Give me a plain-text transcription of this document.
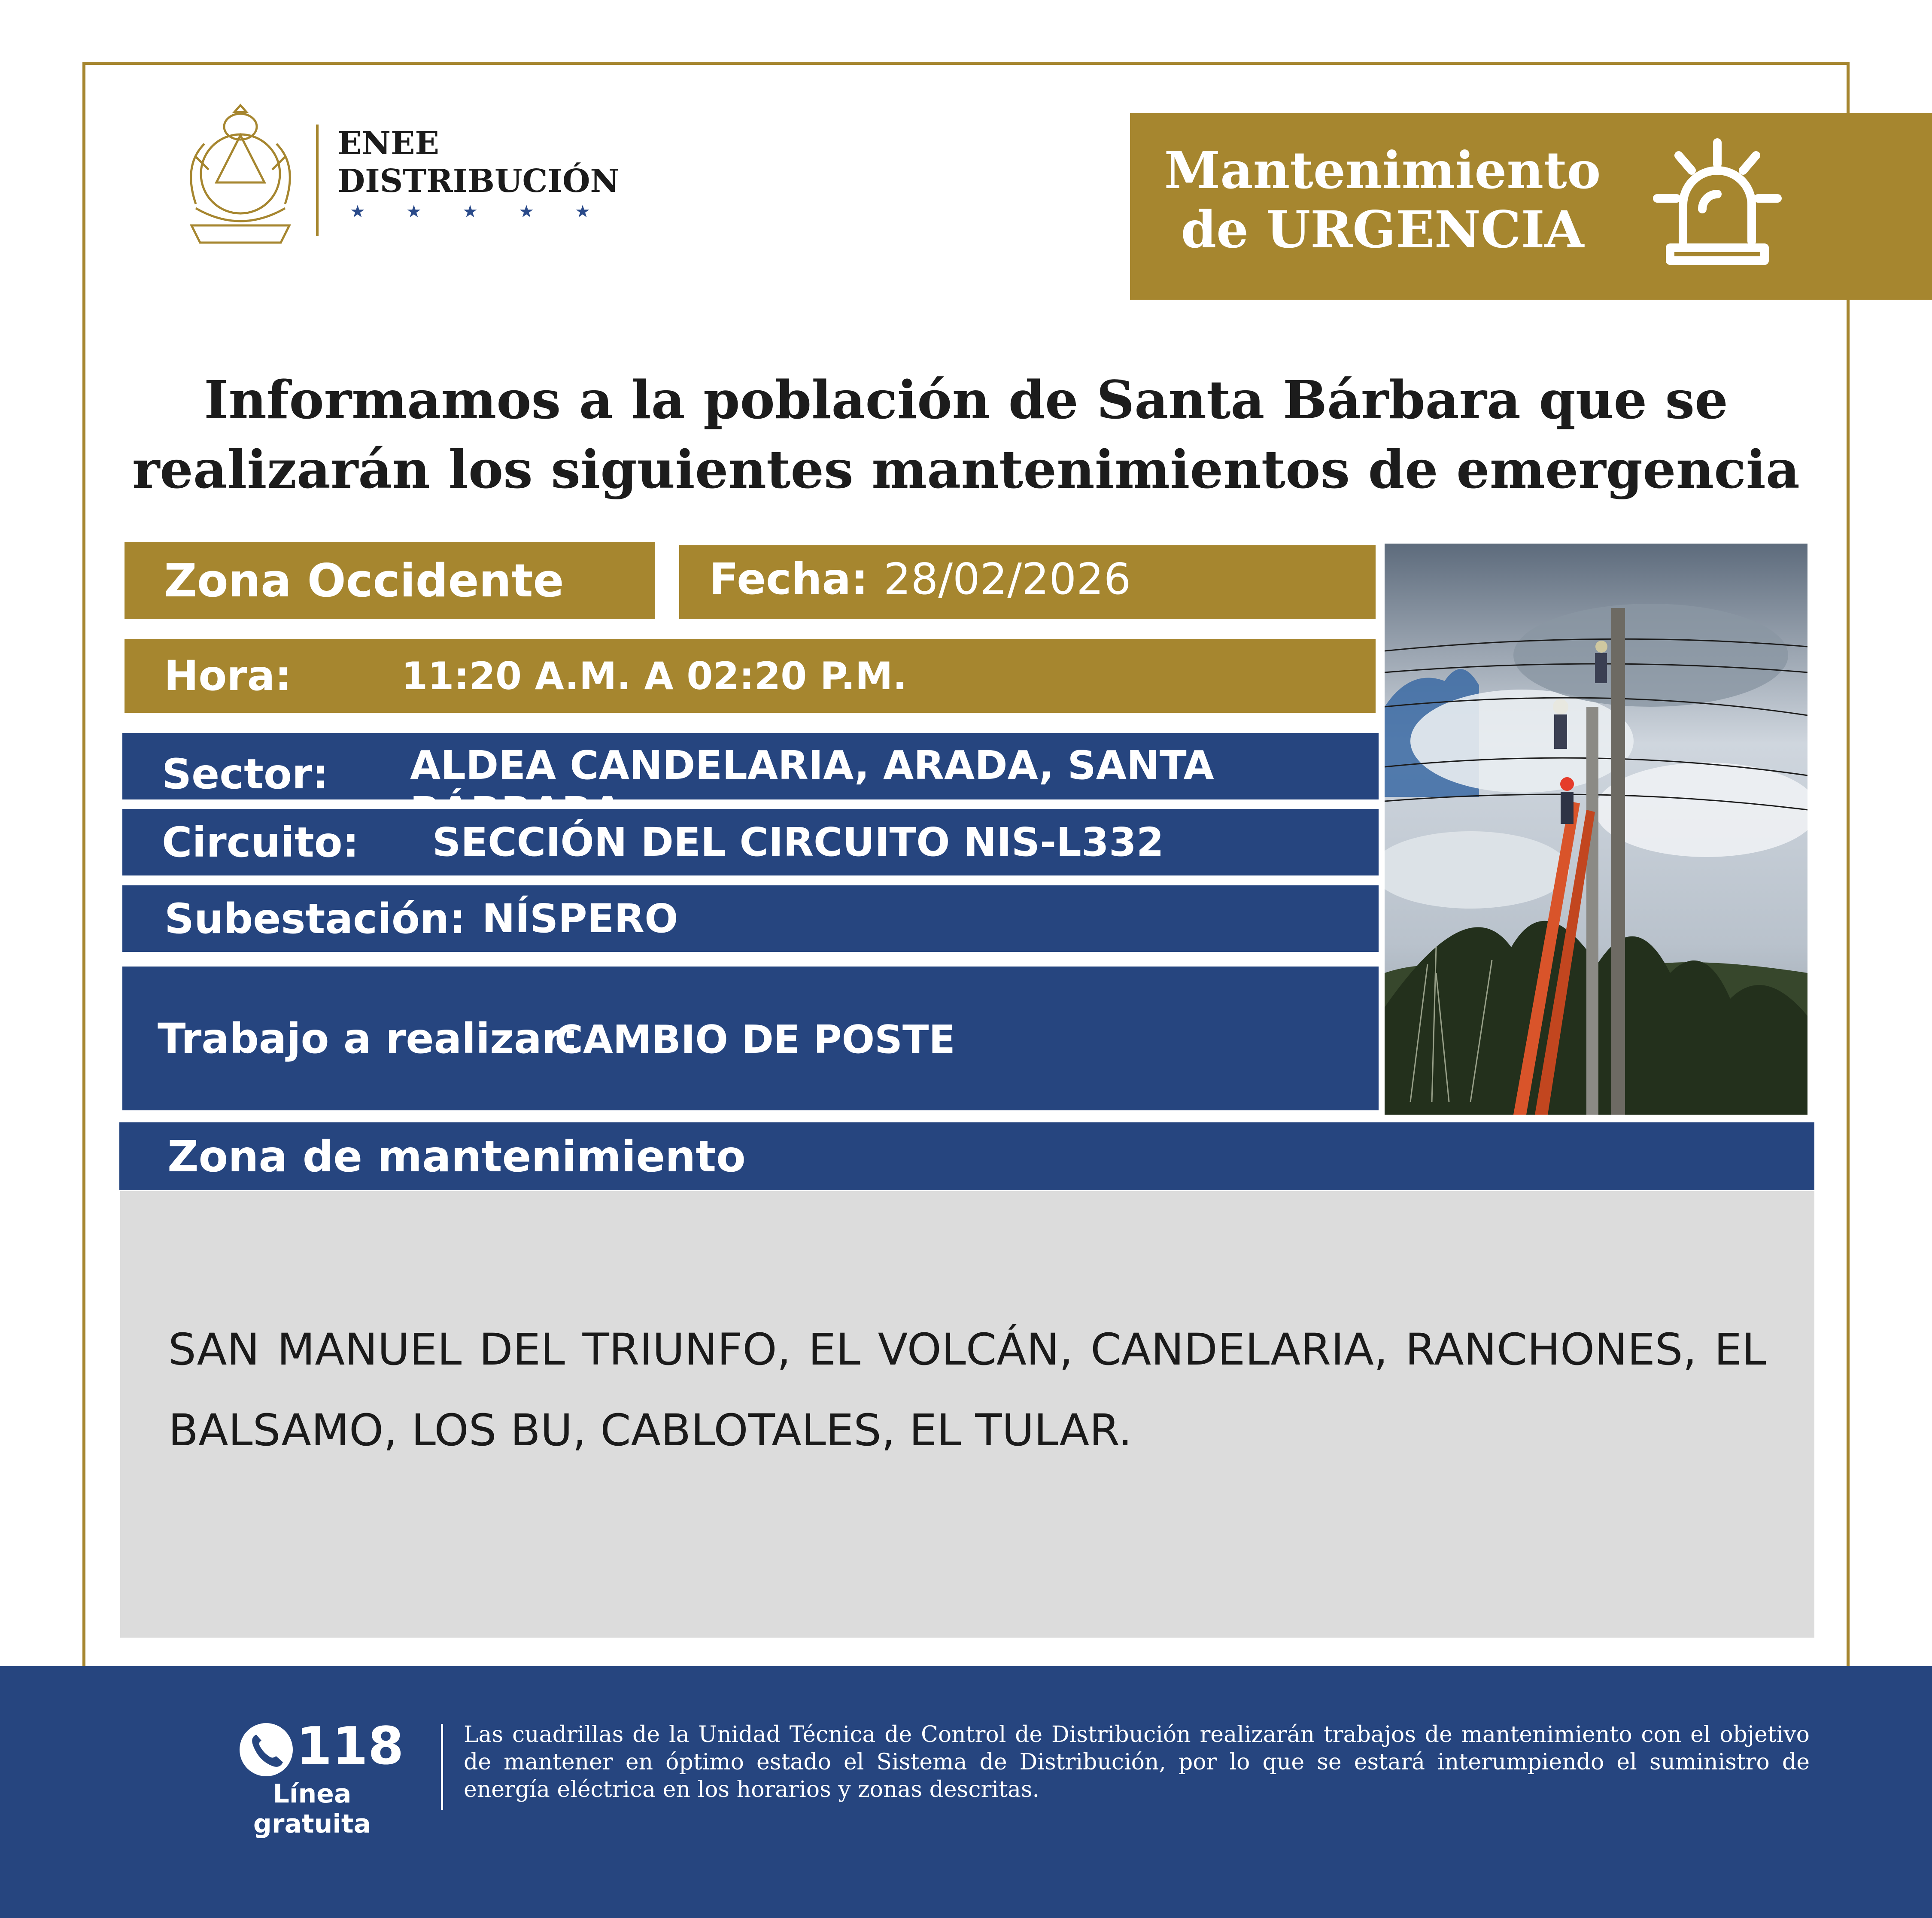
ENEE
DISTRIBUCIÓN
★ ★ ★ ★ ★
Mantenimiento
de URGENCIA
Informamos a la población de Santa Bárbara que se
realizarán los siguientes mantenimientos de emergencia
Zona Occidente	Fecha: 28/02/2026
Hora:	11:20 A.M. A 02:20 P.M.
Sector: ALDEA CANDELARIA, ARADA, SANTA
Circuito: SECCIÓN DEL CIRCUITO NIS-L332
Subestación: NÍSPERO
Trabajo a realizar:
CAMBIO DE POSTE
Zona de mantenimiento
SAN MANUEL DEL TRIUNFO, EL VOLCÁN, CANDELARIA, RANCHONES, EL BALSAMO, LOS BU, CABLOTALES, EL TULAR.
118
Línea gratuita
Las cuadrillas de la Unidad Técnica de Control de Distribución realizarán trabajos de mantenimiento con el objetivo de mantener en óptimo estado el Sistema de Distribución, por lo que se estará interumpiendo el suministro de energía eléctrica en los horarios y zonas descritas.
